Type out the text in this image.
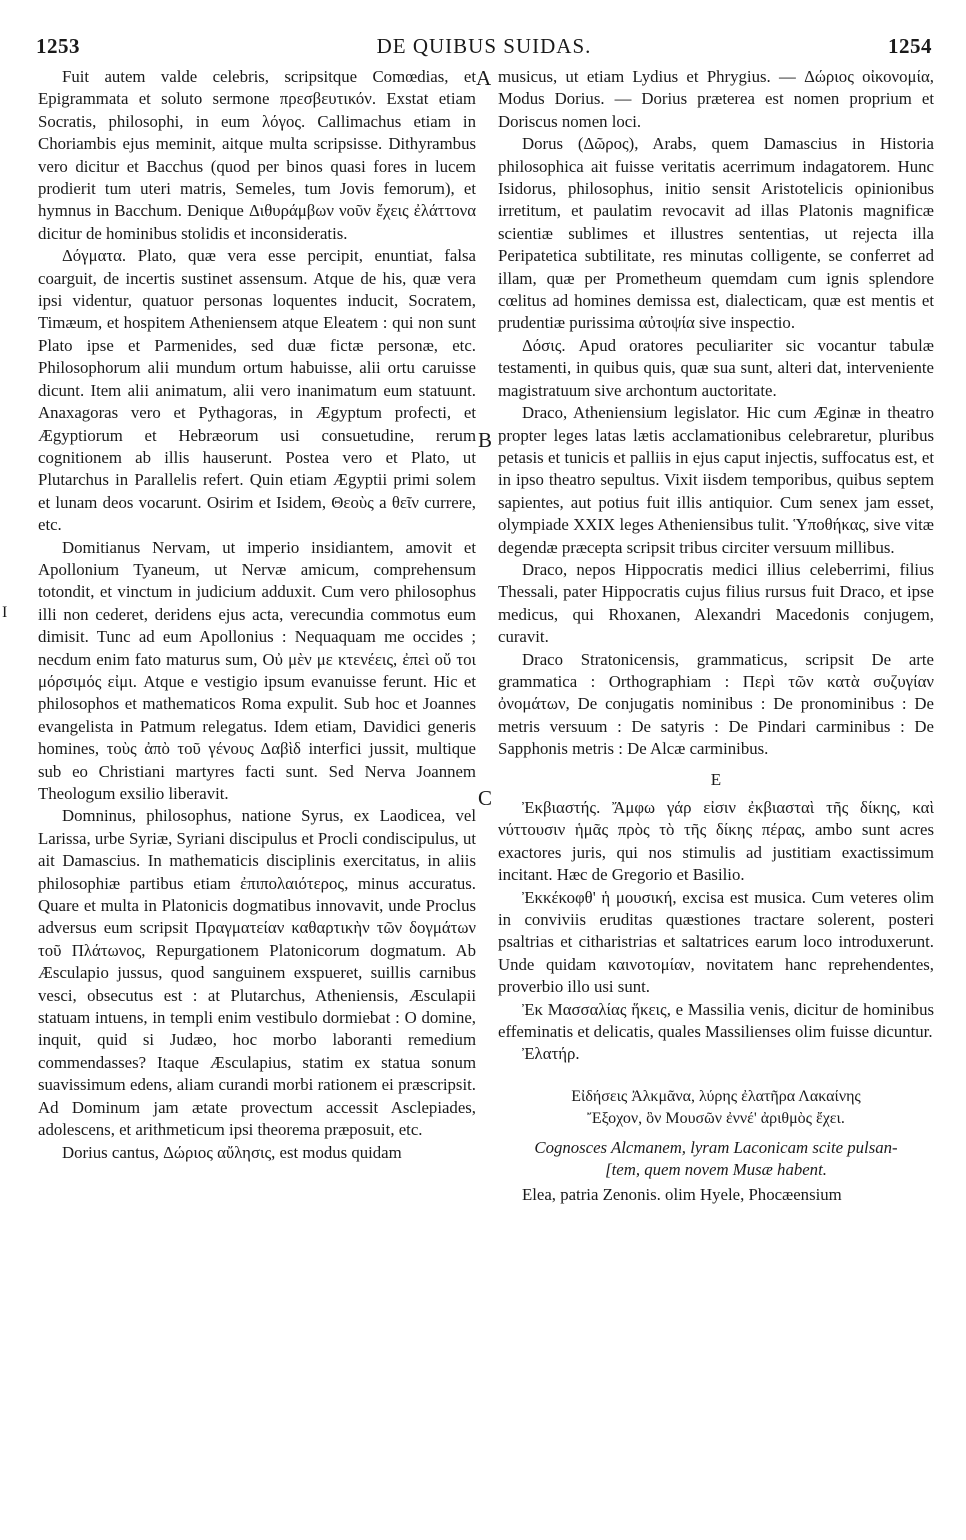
1253	DE QUIBUS SUIDAS.	1254
I
A
B
C

Fuit autem valde celebris, scripsitque Comœdias, et Epigrammata et soluto sermone πρεσβευτικόν. Exstat etiam Socratis, philosophi, in eum λόγος. Callimachus etiam in Choriambis ejus meminit, aitque multa scripsisse. Dithyrambus vero dicitur et Bacchus (quod per binos quasi fores in lucem prodierit tum uteri matris, Semeles, tum Jovis femorum), et hymnus in Bacchum. Denique Διθυράμβων νοῦν ἔχεις ἐλάττονα dicitur de hominibus stolidis et inconsideratis.

Δόγματα. Plato, quæ vera esse percipit, enuntiat, falsa coarguit, de incertis sustinet assensum. Atque de his, quæ vera ipsi videntur, quatuor personas loquentes inducit, Socratem, Timæum, et hospitem Atheniensem atque Eleatem : qui non sunt Plato ipse et Parmenides, sed duæ fictæ personæ, etc. Philosophorum alii mundum ortum habuisse, alii ortu caruisse dicunt. Item alii animatum, alii vero inanimatum eum statuunt. Anaxagoras vero et Pythagoras, in Ægyptum profecti, et Ægyptiorum et Hebræorum usi consuetudine, rerum cognitionem ab illis hauserunt. Postea vero et Plato, ut Plutarchus in Parallelis refert. Quin etiam Ægyptii primi solem et lunam deos vocarunt. Osirim et Isidem, Θεοὺς a θεῖν currere, etc.

Domitianus Nervam, ut imperio insidiantem, amovit et Apollonium Tyaneum, ut Nervæ amicum, comprehensum totondit, et vinctum in judicium adduxit. Cum vero philosophus illi non cederet, deridens ejus acta, verecundia commotus eum dimisit. Tunc ad eum Apollonius : Nequaquam me occides ; necdum enim fato maturus sum, Οὐ μὲν με κτενέεις, ἐπεὶ οὔ τοι μόρσιμός εἰμι. Atque e vestigio ipsum evanuisse ferunt. Hic et philosophos et mathematicos Roma expulit. Sub hoc et Joannes evangelista in Patmum relegatus. Idem etiam, Davidici generis homines, τοὺς ἀπὸ τοῦ γένους Δαβὶδ interfici jussit, multique sub eo Christiani martyres facti sunt. Sed Nerva Joannem Theologum exsilio liberavit.

Domninus, philosophus, natione Syrus, ex Laodicea, vel Larissa, urbe Syriæ, Syriani discipulus et Procli condiscipulus, ut ait Damascius. In mathematicis disciplinis exercitatus, in aliis philosophiæ partibus etiam ἐπιπολαιότερος, minus accuratus. Quare et multa in Platonicis dogmatibus innovavit, unde Proclus adversus eum scripsit Πραγματείαν καθαρτικὴν τῶν δογμάτων τοῦ Πλάτωνος, Repurgationem Platonicorum dogmatum. Ab Æsculapio jussus, quod sanguinem exspueret, suillis carnibus vesci, obsecutus est : at Plutarchus, Atheniensis, Æsculapii statuam intuens, in templi enim vestibulo dormiebat : O domine, inquit, quid si Judæo, hoc morbo laboranti remedium commendasses? Itaque Æsculapius, statim ex statua sonum suavissimum edens, aliam curandi morbi rationem ei præscripsit. Ad Dominum jam ætate provectum accessit Asclepiades, adolescens, et arithmeticum ipsi theorema præposuit, etc.

Dorius cantus, Δώριος αὔλησις, est modus quidam

musicus, ut etiam Lydius et Phrygius. — Δώριος οἰκονομία, Modus Dorius. — Dorius præterea est nomen proprium et Doriscus nomen loci.

Dorus (Δῶρος), Arabs, quem Damascius in Historia philosophica ait fuisse veritatis acerrimum indagatorem. Hunc Isidorus, philosophus, initio sensit Aristotelicis opinionibus irretitum, et paulatim revocavit ad illas Platonis magnificæ scientiæ sublimes et illustres sententias, ut rejecta illa Peripatetica subtilitate, res minutas colligente, se conferret ad illam, quæ per Prometheum quemdam cum ignis splendore cœlitus ad homines demissa est, dialecticam, quæ est mentis et prudentiæ purissima αὐτοψία sive inspectio.

Δόσις. Apud oratores peculiariter sic vocantur tabulæ testamenti, in quibus quis, quæ sua sunt, alteri dat, interveniente magistratuum sive archontum auctoritate.

Draco, Atheniensium legislator. Hic cum Æginæ in theatro propter leges latas lætis acclamationibus celebraretur, pluribus petasis et tunicis et palliis in ejus caput injectis, suffocatus est, et in ipso theatro sepultus. Vixit iisdem temporibus, quibus septem sapientes, aut potius fuit illis antiquior. Cum senex jam esset, olympiade XXIX leges Atheniensibus tulit. Ὑποθήκας, sive vitæ degendæ præcepta scripsit tribus circiter versuum millibus.

Draco, nepos Hippocratis medici illius celeberrimi, filius Thessali, pater Hippocratis cujus filius rursus fuit Draco, et ipse medicus, qui Rhoxanen, Alexandri Macedonis conjugem, curavit.

Draco Stratonicensis, grammaticus, scripsit De arte grammatica : Orthographiam : Περὶ τῶν κατὰ συζυγίαν ὀνομάτων, De conjugatis nominibus : De pronominibus : De metris versuum : De satyris : De Pindari carminibus : De Sapphonis metris : De Alcæ carminibus.

E

Ἐκβιαστής. Ἄμφω γάρ εἰσιν ἐκβιασταὶ τῆς δίκης, καὶ νύττουσιν ἡμᾶς πρὸς τὸ τῆς δίκης πέρας, ambo sunt acres exactores juris, qui nos stimulis ad justitiam exactissimum incitant. Hæc de Gregorio et Basilio.

Ἐκκέκοφθ' ἡ μουσική, excisa est musica. Cum veteres olim in conviviis eruditas quæstiones tractare solerent, posteri psaltrias et citharistrias et saltatrices earum loco introduxerunt. Unde quidam καινοτομίαν, novitatem hanc reprehendentes, proverbio illo usi sunt.

Ἐκ Μασσαλίας ἥκεις, e Massilia venis, dicitur de hominibus effeminatis et delicatis, quales Massilienses olim fuisse dicuntur.

Ἐλατήρ.

Εἰδήσεις Ἀλκμᾶνα, λύρης ἐλατῆρα Λακαίνης
Ἔξοχον, ὃν Μουσῶν ἐννέ' ἀριθμὸς ἔχει.

Cognosces Alcmanem, lyram Laconicam scite pulsan-
[tem, quem novem Musæ habent.

Elea, patria Zenonis. olim Hyele, Phocæensium
